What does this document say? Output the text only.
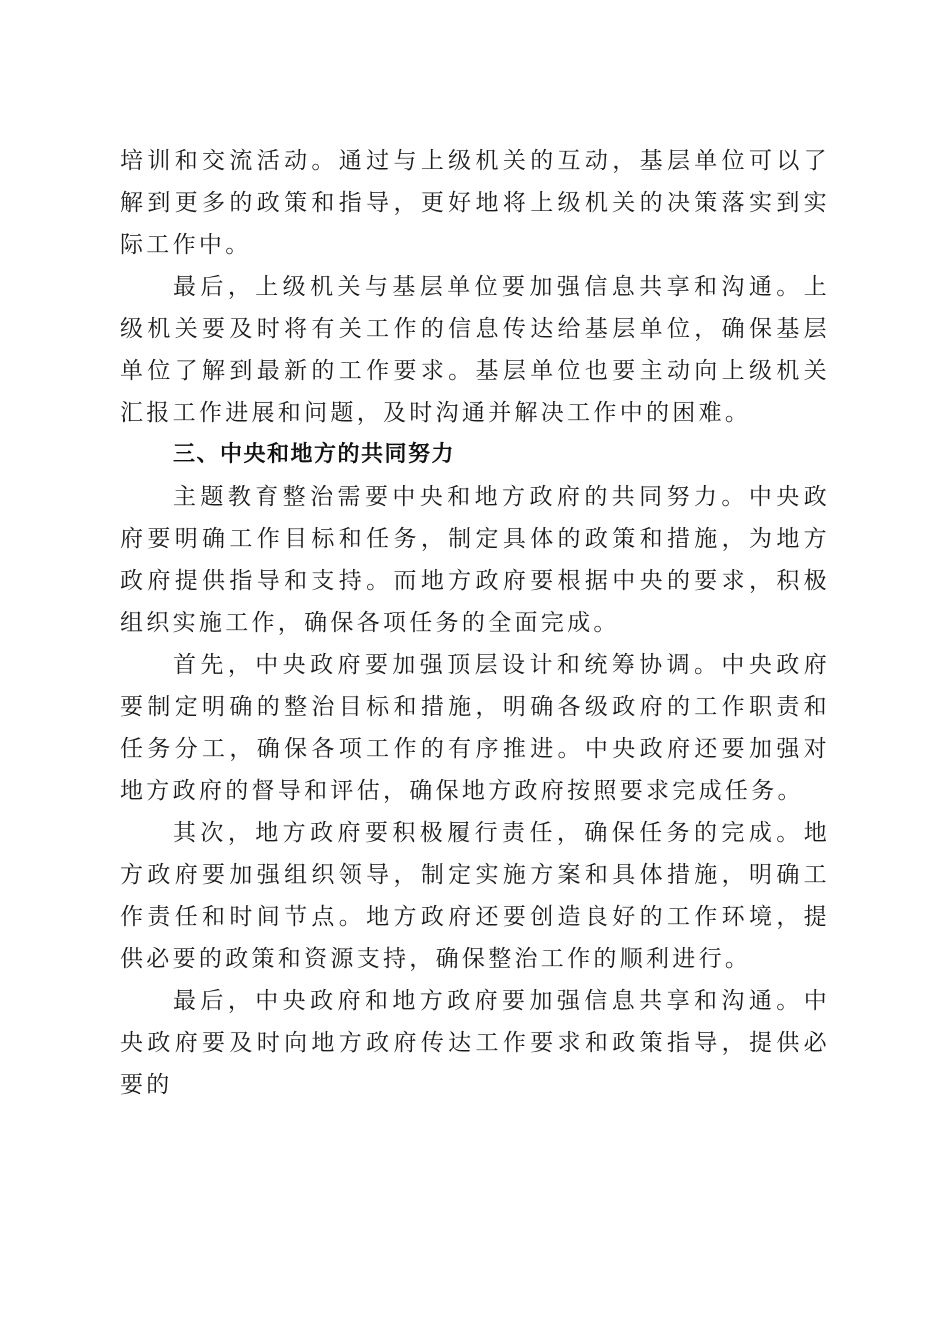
培训和交流活动。通过与上级机关的互动，基层单位可以了解到更多的政策和指导，更好地将上级机关的决策落实到实际工作中。

最后，上级机关与基层单位要加强信息共享和沟通。上级机关要及时将有关工作的信息传达给基层单位，确保基层单位了解到最新的工作要求。基层单位也要主动向上级机关汇报工作进展和问题，及时沟通并解决工作中的困难。

三、中央和地方的共同努力

主题教育整治需要中央和地方政府的共同努力。中央政府要明确工作目标和任务，制定具体的政策和措施，为地方政府提供指导和支持。而地方政府要根据中央的要求，积极组织实施工作，确保各项任务的全面完成。

首先，中央政府要加强顶层设计和统筹协调。中央政府要制定明确的整治目标和措施，明确各级政府的工作职责和任务分工，确保各项工作的有序推进。中央政府还要加强对地方政府的督导和评估，确保地方政府按照要求完成任务。

其次，地方政府要积极履行责任，确保任务的完成。地方政府要加强组织领导，制定实施方案和具体措施，明确工作责任和时间节点。地方政府还要创造良好的工作环境，提供必要的政策和资源支持，确保整治工作的顺利进行。

最后，中央政府和地方政府要加强信息共享和沟通。中央政府要及时向地方政府传达工作要求和政策指导，提供必要的
